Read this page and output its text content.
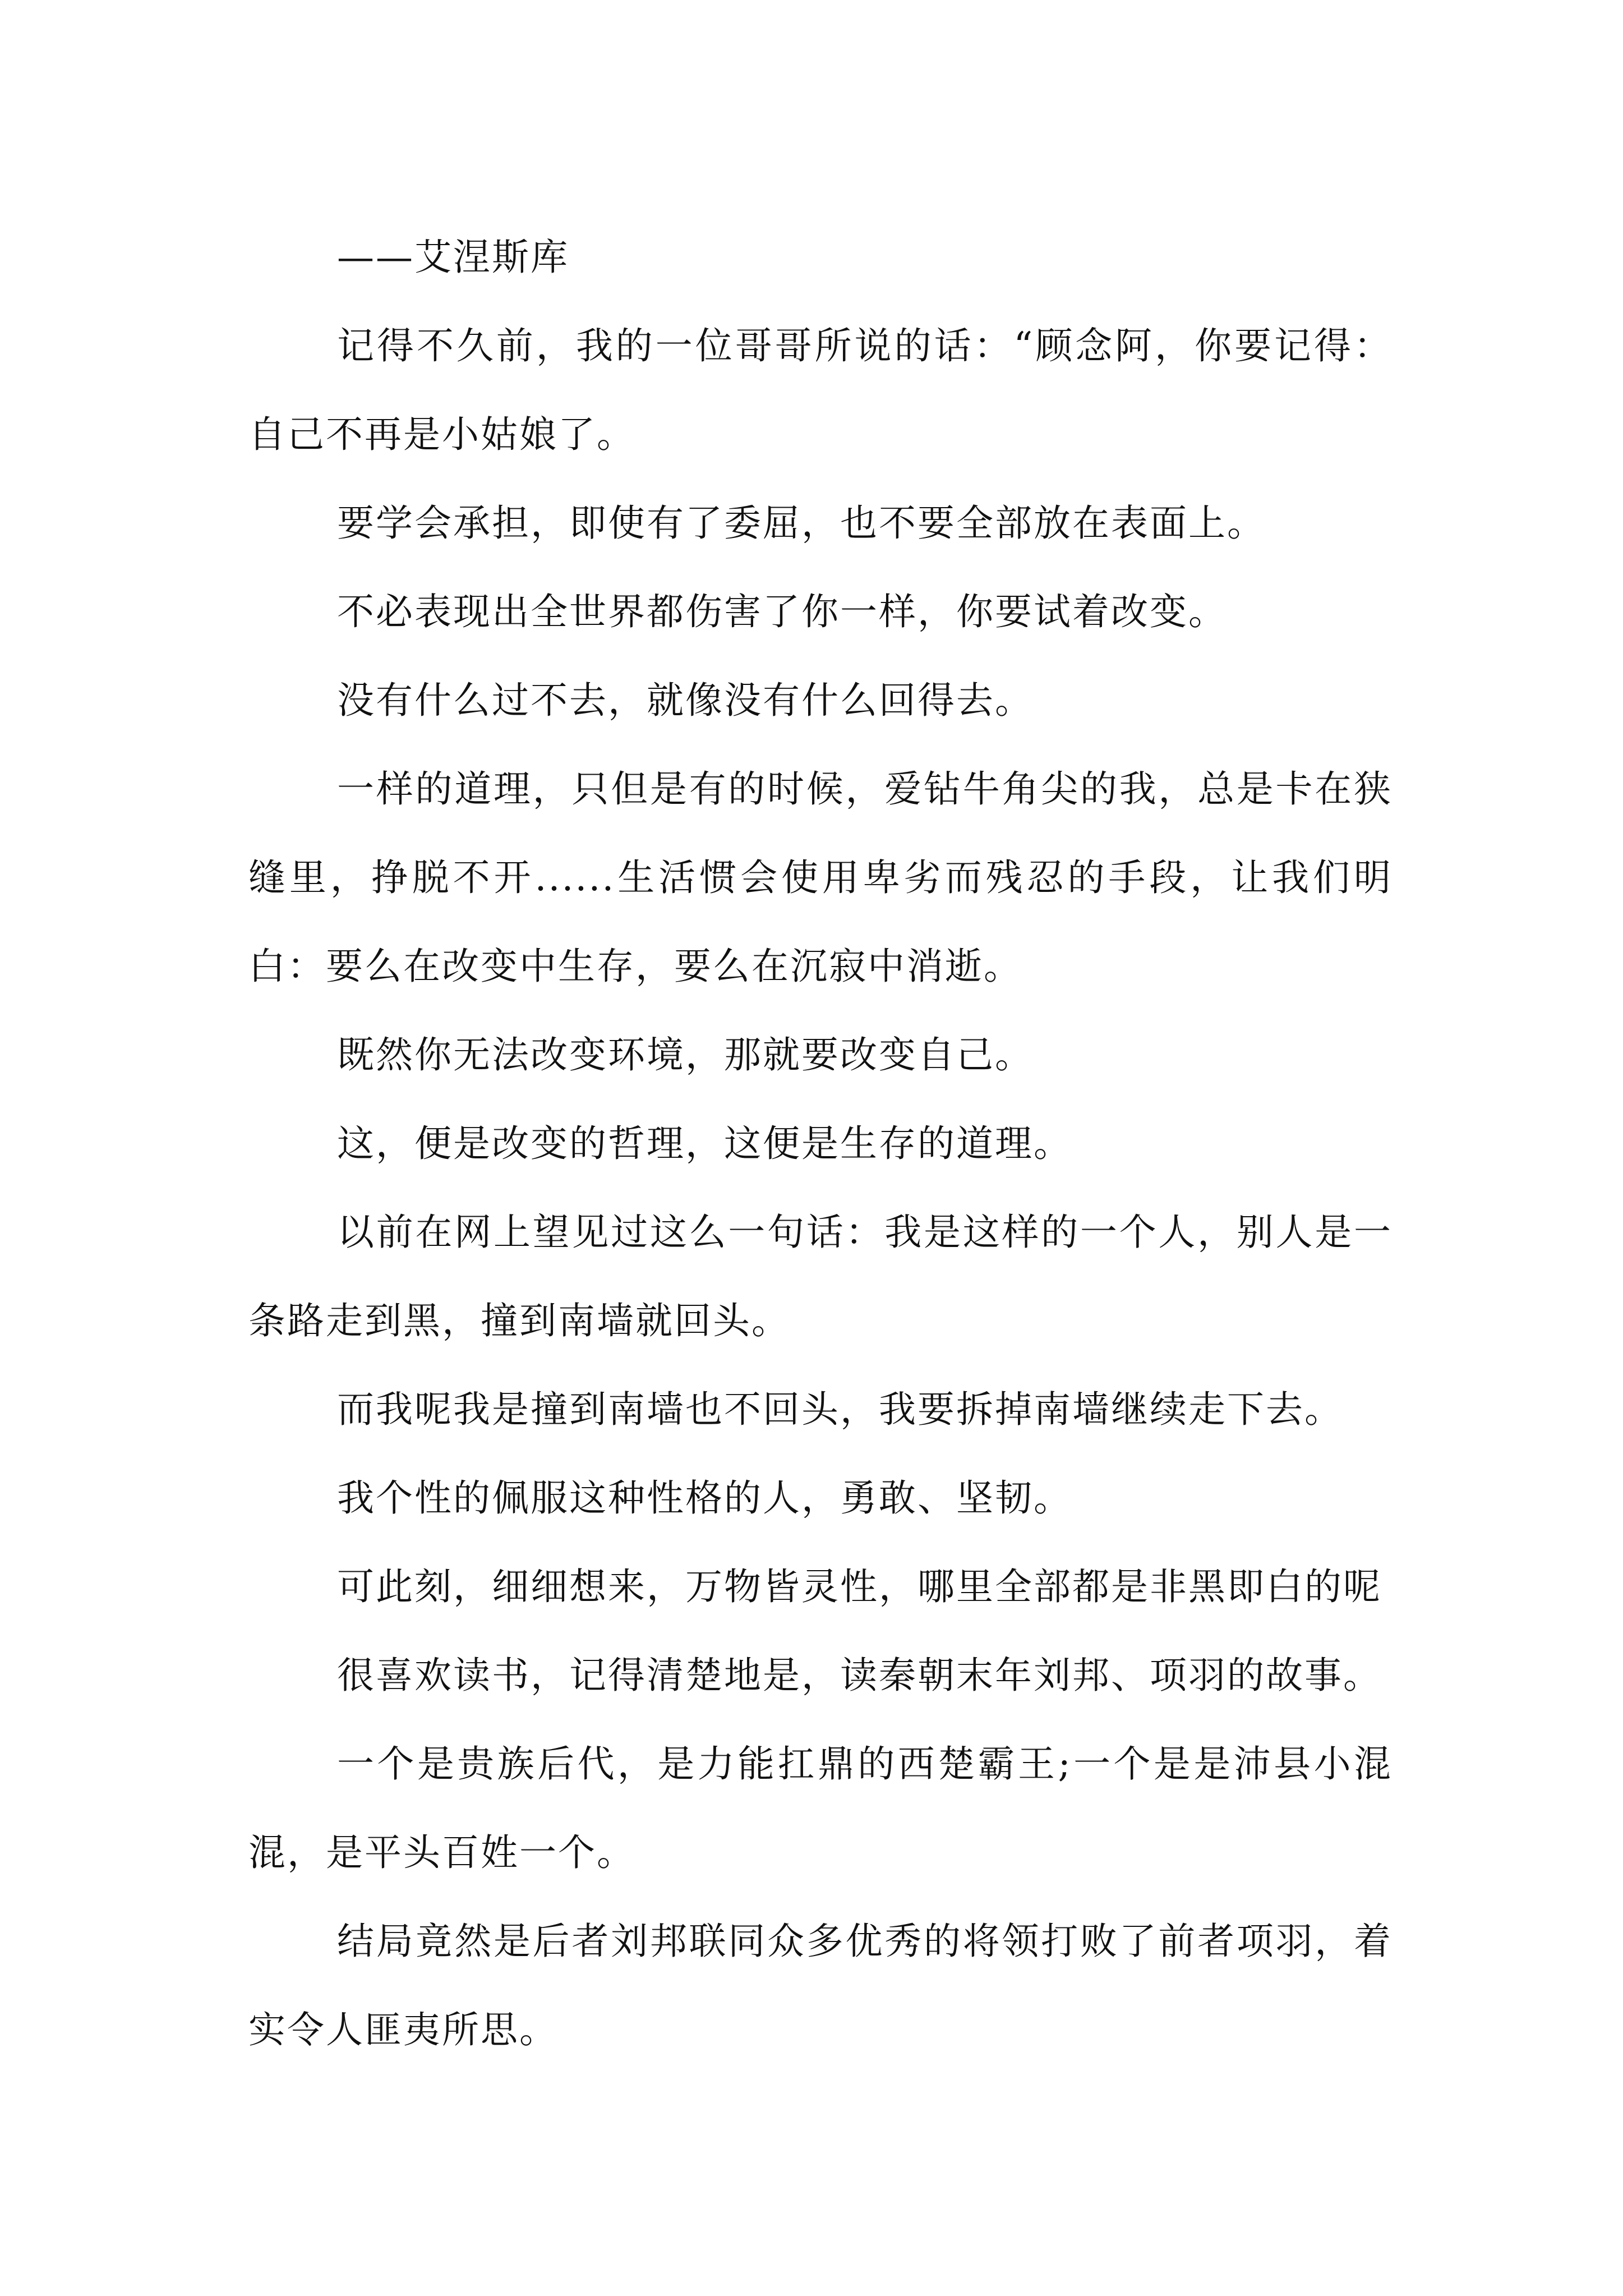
——艾涅斯库

记得不久前，我的一位哥哥所说的话：“顾念阿，你要记得：自己不再是小姑娘了。

要学会承担，即使有了委屈，也不要全部放在表面上。

不必表现出全世界都伤害了你一样，你要试着改变。

没有什么过不去，就像没有什么回得去。

一样的道理，只但是有的时候，爱钻牛角尖的我，总是卡在狭缝里，挣脱不开......生活惯会使用卑劣而残忍的手段，让我们明白：要么在改变中生存，要么在沉寂中消逝。

既然你无法改变环境，那就要改变自己。

这，便是改变的哲理，这便是生存的道理。

以前在网上望见过这么一句话：我是这样的一个人，别人是一条路走到黑，撞到南墙就回头。

而我呢我是撞到南墙也不回头，我要拆掉南墙继续走下去。

我个性的佩服这种性格的人，勇敢、坚韧。

可此刻，细细想来，万物皆灵性，哪里全部都是非黑即白的呢

很喜欢读书，记得清楚地是，读秦朝末年刘邦、项羽的故事。

一个是贵族后代，是力能扛鼎的西楚霸王;一个是是沛县小混混，是平头百姓一个。

结局竟然是后者刘邦联同众多优秀的将领打败了前者项羽，着实令人匪夷所思。
